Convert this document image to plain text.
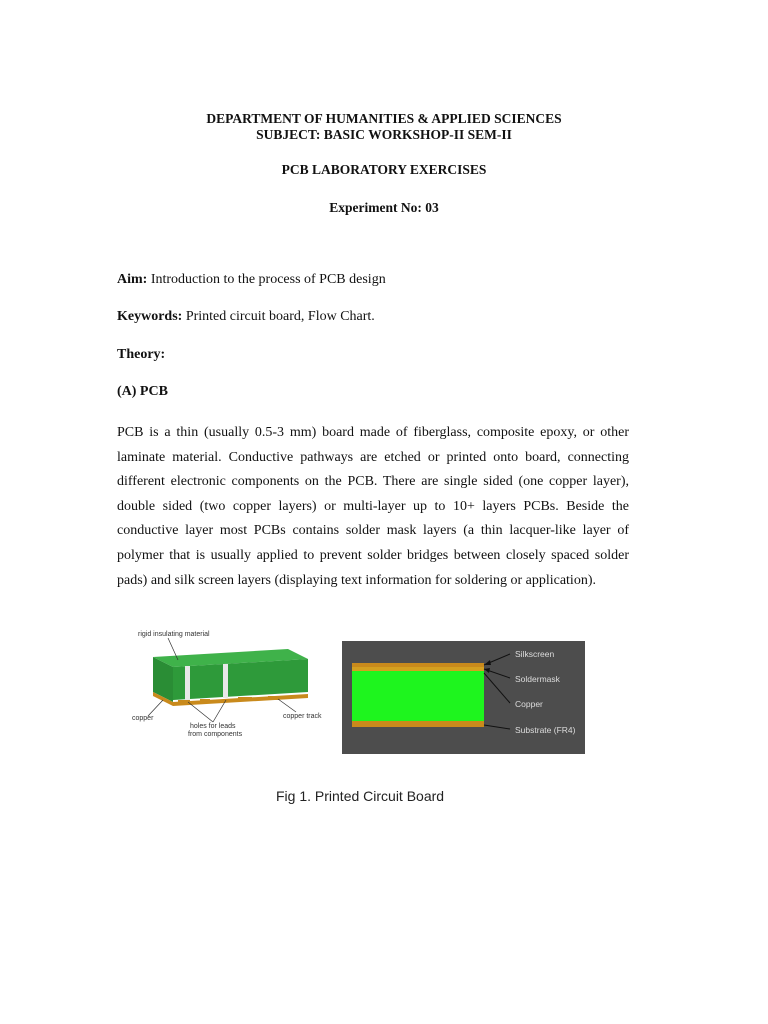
DEPARTMENT OF HUMANITIES & APPLIED SCIENCES
SUBJECT: BASIC WORKSHOP-II SEM-II
PCB LABORATORY EXERCISES
Experiment No: 03
Aim: Introduction to the process of PCB design
Keywords: Printed circuit board, Flow Chart.
Theory:
(A) PCB
PCB is a thin (usually 0.5-3 mm) board made of fiberglass, composite epoxy, or other laminate material. Conductive pathways are etched or printed onto board, connecting different electronic components on the PCB. There are single sided (one copper layer), double sided (two copper layers) or multi-layer up to 10+ layers PCBs. Beside the conductive layer most PCBs contains solder mask layers (a thin lacquer-like layer of polymer that is usually applied to prevent solder bridges between closely spaced solder pads) and silk screen layers (displaying text information for soldering or application).
rigid insulating material
copper
holes for leads
from components
copper track
Silkscreen
Soldermask
Copper
Substrate (FR4)
Fig 1. Printed Circuit Board
